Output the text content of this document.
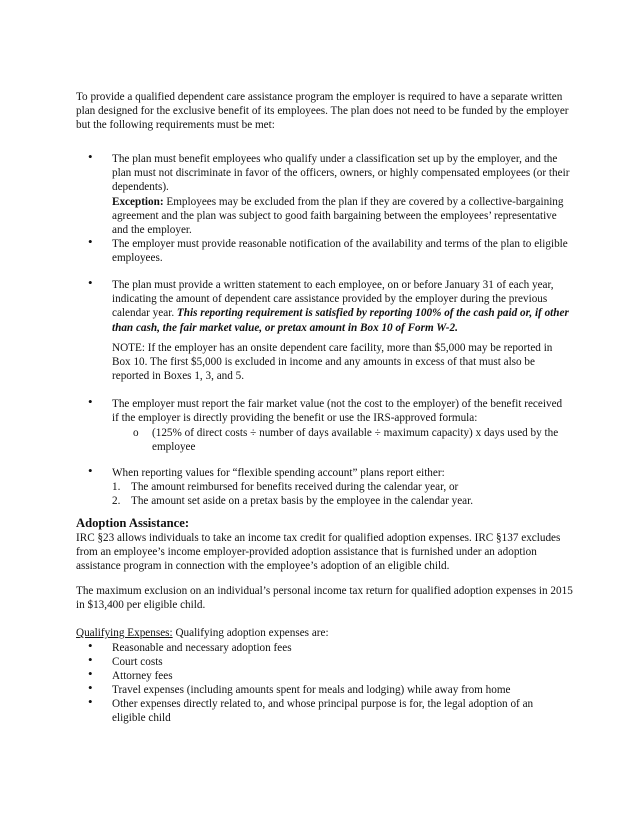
To provide a qualified dependent care assistance program the employer is required to have a separate written plan designed for the exclusive benefit of its employees. The plan does not need to be funded by the employer but the following requirements must be met:
• The plan must benefit employees who qualify under a classification set up by the employer, and the plan must not discriminate in favor of the officers, owners, or highly compensated employees (or their dependents).
Exception: Employees may be excluded from the plan if they are covered by a collective-bargaining agreement and the plan was subject to good faith bargaining between the employees’ representative and the employer.
• The employer must provide reasonable notification of the availability and terms of the plan to eligible employees.
• The plan must provide a written statement to each employee, on or before January 31 of each year, indicating the amount of dependent care assistance provided by the employer during the previous calendar year. This reporting requirement is satisfied by reporting 100% of the cash paid or, if other than cash, the fair market value, or pretax amount in Box 10 of Form W-2.
NOTE: If the employer has an onsite dependent care facility, more than $5,000 may be reported in Box 10. The first $5,000 is excluded in income and any amounts in excess of that must also be reported in Boxes 1, 3, and 5.
• The employer must report the fair market value (not the cost to the employer) of the benefit received if the employer is directly providing the benefit or use the IRS-approved formula:
o (125% of direct costs ÷ number of days available ÷ maximum capacity) x days used by the employee
• When reporting values for “flexible spending account” plans report either:
1. The amount reimbursed for benefits received during the calendar year, or
2. The amount set aside on a pretax basis by the employee in the calendar year.
Adoption Assistance:
IRC §23 allows individuals to take an income tax credit for qualified adoption expenses. IRC §137 excludes from an employee’s income employer-provided adoption assistance that is furnished under an adoption assistance program in connection with the employee’s adoption of an eligible child.
The maximum exclusion on an individual’s personal income tax return for qualified adoption expenses in 2015 in $13,400 per eligible child.
Qualifying Expenses: Qualifying adoption expenses are:
• Reasonable and necessary adoption fees
• Court costs
• Attorney fees
• Travel expenses (including amounts spent for meals and lodging) while away from home
• Other expenses directly related to, and whose principal purpose is for, the legal adoption of an eligible child
